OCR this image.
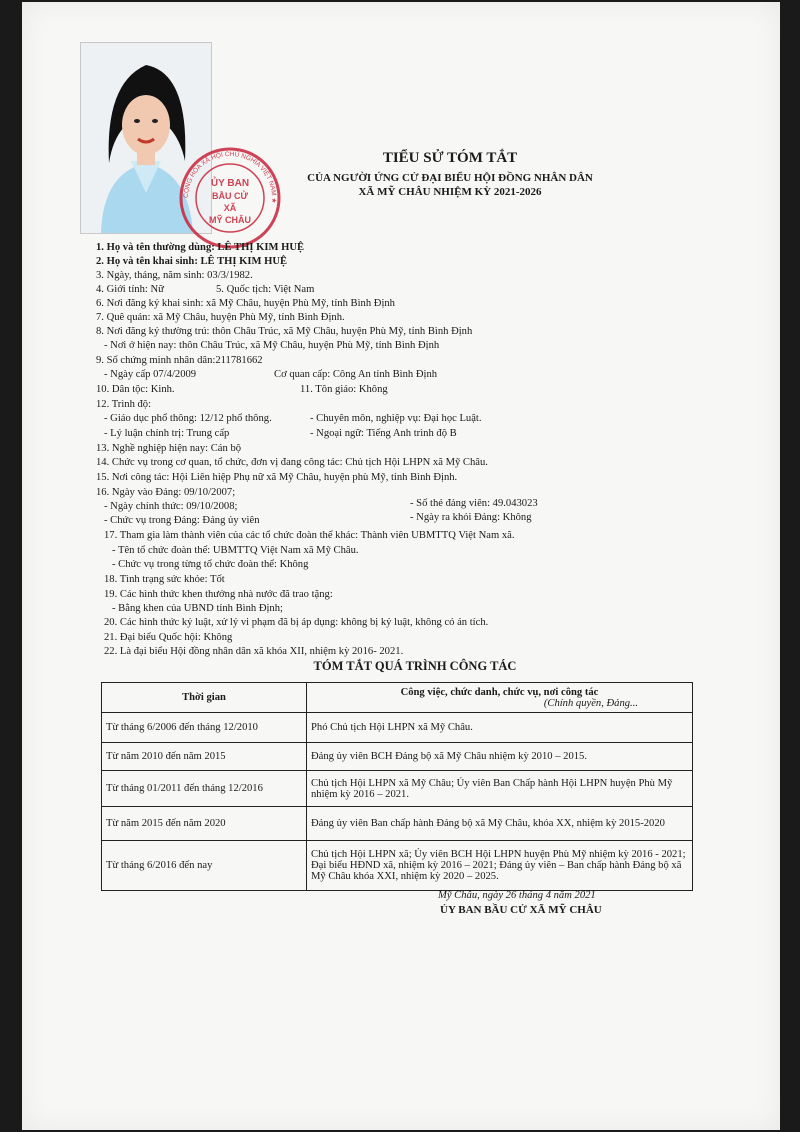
CỘNG HÒA XÃ HỘI CHỦ NGHĨA VIỆT NAM ★
ỦY BAN
BẦU CỬ
XÃ
MỸ CHÂU
TIỂU SỬ TÓM TẮT
CỦA NGƯỜI ỨNG CỬ ĐẠI BIỂU HỘI ĐỒNG NHÂN DÂN
XÃ MỸ CHÂU NHIỆM KỲ 2021-2026
1. Họ và tên thường dùng: LÊ THỊ KIM HUỆ
2. Họ và tên khai sinh: LÊ THỊ KIM HUỆ
3. Ngày, tháng, năm sinh: 03/3/1982.
4. Giới tính: Nữ	5. Quốc tịch: Việt Nam
6. Nơi đăng ký khai sinh: xã Mỹ Châu, huyện Phù Mỹ, tỉnh Bình Định
7. Quê quán: xã Mỹ Châu, huyện Phù Mỹ, tỉnh Bình Định.
8. Nơi đăng ký thường trú: thôn Châu Trúc, xã Mỹ Châu, huyện Phù Mỹ, tỉnh Bình Định
- Nơi ở hiện nay: thôn Châu Trúc, xã Mỹ Châu, huyện Phù Mỹ, tỉnh Bình Định
9. Số chứng minh nhân dân:211781662
- Ngày cấp 07/4/2009	Cơ quan cấp: Công An tỉnh Bình Định
10. Dân tộc: Kinh.	11. Tôn giáo: Không
12. Trình độ:
- Giáo dục phổ thông: 12/12 phổ thông.	- Chuyên môn, nghiệp vụ: Đại học Luật.
- Lý luận chính trị: Trung cấp	- Ngoại ngữ: Tiếng Anh trình độ B
13. Nghề nghiệp hiện nay: Cán bộ
14. Chức vụ trong cơ quan, tổ chức, đơn vị đang công tác: Chủ tịch Hội LHPN xã Mỹ Châu.
15. Nơi công tác: Hội Liên hiệp Phụ nữ xã Mỹ Châu, huyện phù Mỹ, tỉnh Bình Định.
16. Ngày vào Đảng: 09/10/2007;
- Ngày chính thức: 09/10/2008;	- Số thẻ đảng viên: 49.043023
- Chức vụ trong Đảng: Đảng ủy viên	- Ngày ra khỏi Đảng: Không
17. Tham gia làm thành viên của các tổ chức đoàn thể khác: Thành viên UBMTTQ Việt Nam xã.
- Tên tổ chức đoàn thể: UBMTTQ Việt Nam xã Mỹ Châu.
- Chức vụ trong từng tổ chức đoàn thể: Không
18. Tình trạng sức khỏe: Tốt
19. Các hình thức khen thưởng nhà nước đã trao tặng:
- Bằng khen của UBND tỉnh Bình Định;
20. Các hình thức kỷ luật, xử lý vi phạm đã bị áp dụng: không bị kỷ luật, không có án tích.
21. Đại biểu Quốc hội: Không
22. Là đại biểu Hội đồng nhân dân xã khóa XII, nhiệm kỳ 2016- 2021.
TÓM TẮT QUÁ TRÌNH CÔNG TÁC
Thời gian	Công việc, chức danh, chức vụ, nơi công tác
(Chính quyền, Đảng...

Từ tháng 6/2006 đến tháng 12/2010	Phó Chủ tịch Hội LHPN xã Mỹ Châu.
Từ năm 2010 đến năm 2015	Đảng ủy viên BCH Đảng bộ xã Mỹ Châu nhiệm kỳ 2010 – 2015.
Từ tháng 01/2011 đến tháng 12/2016	Chủ tịch Hội LHPN xã Mỹ Châu; Ủy viên Ban Chấp hành Hội LHPN huyện Phù Mỹ nhiệm kỳ 2016 – 2021.
Từ năm 2015 đến năm 2020	Đảng ủy viên Ban chấp hành Đảng bộ xã Mỹ Châu, khóa XX, nhiệm kỳ 2015-2020
Từ tháng 6/2016 đến nay	Chủ tịch Hội LHPN xã; Ủy viên BCH Hội LHPN huyện Phù Mỹ nhiệm kỳ 2016 - 2021; Đại biểu HĐND xã, nhiệm kỳ 2016 – 2021; Đảng ủy viên – Ban chấp hành Đảng bộ xã Mỹ Châu khóa XXI, nhiệm kỳ 2020 – 2025.
Mỹ Châu, ngày 26 tháng 4 năm 2021
ỦY BAN BẦU CỬ XÃ MỸ CHÂU
